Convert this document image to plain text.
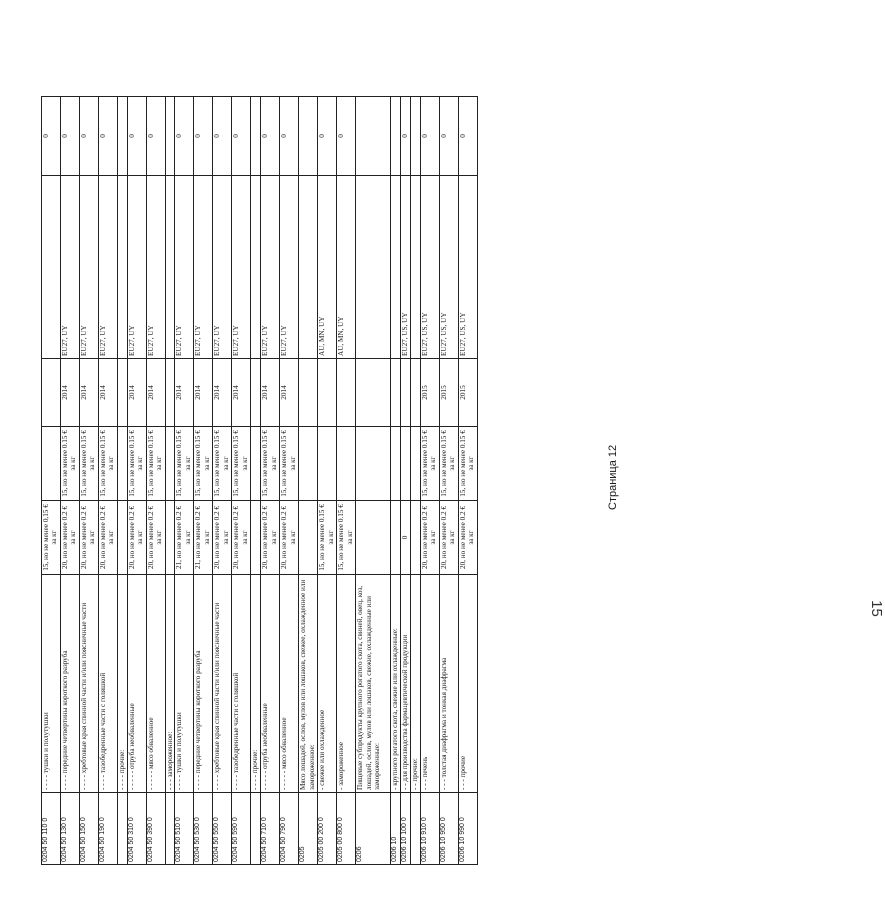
0204 50 110 0	- - - - тушки и полутушки	15, но не менее 0,15 € за кг				0
0204 50 130 0	- - - - передние четвертины короткого разруба	20, но не менее 0.2 € за кг	15, но не менее 0.15 € за кг	2014	EU27, UY	0
0204 50 150 0	- - - - хребтовые края спинной части и/или поясничные части	20, но не менее 0.2 € за кг	15, но не менее 0.15 € за кг	2014	EU27, UY	0
0204 50 190 0	- - - - тазобедренные части с голяшкой	20, но не менее 0.2 € за кг	15, но не менее 0.15 € за кг	2014	EU27, UY	0
	- - - - прочие:					
0204 50 310 0	- - - - - отруба необваленные	20, но не менее 0.2 € за кг	15, но не менее 0.15 € за кг	2014	EU27, UY	0
0204 50 390 0	- - - - - мясо обваленное	20, но не менее 0.2 € за кг	15, но не менее 0.15 € за кг	2014	EU27, UY	0
	- - - замороженное:					
0204 50 510 0	- - - - тушки и полутушки	21, но не менее 0.2 € за кг	15, но не менее 0.15 € за кг	2014	EU27, UY	0
0204 50 530 0	- - - - передние четвертины короткого разруба	21, но не менее 0.2 € за кг	15, но не менее 0.15 € за кг	2014	EU27, UY	0
0204 50 550 0	- - - - хребтовые края спинной части и/или поясничные части	20, но не менее 0.2 € за кг	15, но не менее 0.15 € за кг	2014	EU27, UY	0
0204 50 590 0	- - - - тазобедренные части с голяшкой	20, но не менее 0.2 € за кг	15, но не менее 0.15 € за кг	2014	EU27, UY	0
	- - - - прочие:					
0204 50 710 0	- - - - - отруба необваленные	20, но не менее 0.2 € за кг	15, но не менее 0.15 € за кг	2014	EU27, UY	0
0204 50 790 0	- - - - - мясо обваленное	20, но не менее 0.2 € за кг	15, но не менее 0.15 € за кг	2014	EU27, UY	0
0205	Мясо лошадей, ослов, мулов или лошаков, свежее, охлажденное или замороженное:					
0205 00 200 0	- свежее или охлажденное	15, но не менее 0.15 € за кг			AU, MN, UY	0
0205 00 800 0	- замороженное	15, но не менее 0.15 € за кг			AU, MN, UY	0
0206	Пищевые субпродукты крупного рогатого скота, свиней, овец, коз, лошадей, ослов, мулов или лошаков, свежие, охлажденные или замороженные:					
0206 10	- крупного рогатого скота, свежие или охлажденные:					
0206 10 100 0	- - для производства фармацевтической продукции	0			EU27, US, UY	0
	- - прочие:					
0206 10 910 0	- - - печень	20, но не менее 0.2 € за кг	15, но не менее 0.15 € за кг	2015	EU27, US, UY	0
0206 10 950 0	- - - толстая диафрагма и тонкая диафрагма	20, но не менее 0.2 € за кг	15, но не менее 0.15 € за кг	2015	EU27, US, UY	0
0206 10 990 0	- - - прочие	20, но не менее 0.2 € за кг	15, но не менее 0.15 € за кг	2015	EU27, US, UY	0
Страница 12
15
